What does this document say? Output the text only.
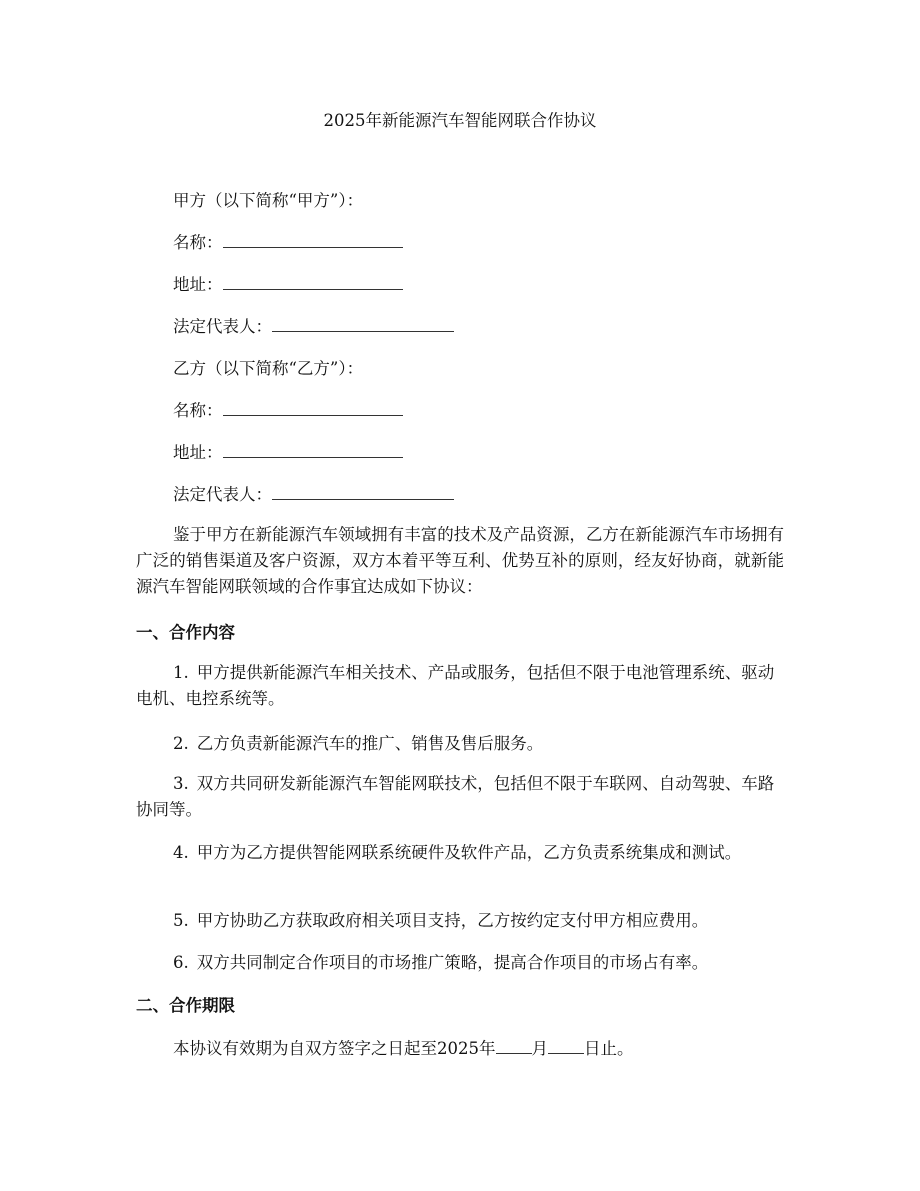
2025年新能源汽车智能网联合作协议
甲方（以下简称“甲方”）：
名称：
地址：
法定代表人：
乙方（以下简称“乙方”）：
名称：
地址：
法定代表人：
鉴于甲方在新能源汽车领域拥有丰富的技术及产品资源，乙方在新能源汽车市场拥有广泛的销售渠道及客户资源，双方本着平等互利、优势互补的原则，经友好协商，就新能源汽车智能网联领域的合作事宜达成如下协议：
一、合作内容
1. 甲方提供新能源汽车相关技术、产品或服务，包括但不限于电池管理系统、驱动电机、电控系统等。
2. 乙方负责新能源汽车的推广、销售及售后服务。
3. 双方共同研发新能源汽车智能网联技术，包括但不限于车联网、自动驾驶、车路协同等。
4. 甲方为乙方提供智能网联系统硬件及软件产品，乙方负责系统集成和测试。
5. 甲方协助乙方获取政府相关项目支持，乙方按约定支付甲方相应费用。
6. 双方共同制定合作项目的市场推广策略，提高合作项目的市场占有率。
二、合作期限
本协议有效期为自双方签字之日起至2025年 月 日止。
